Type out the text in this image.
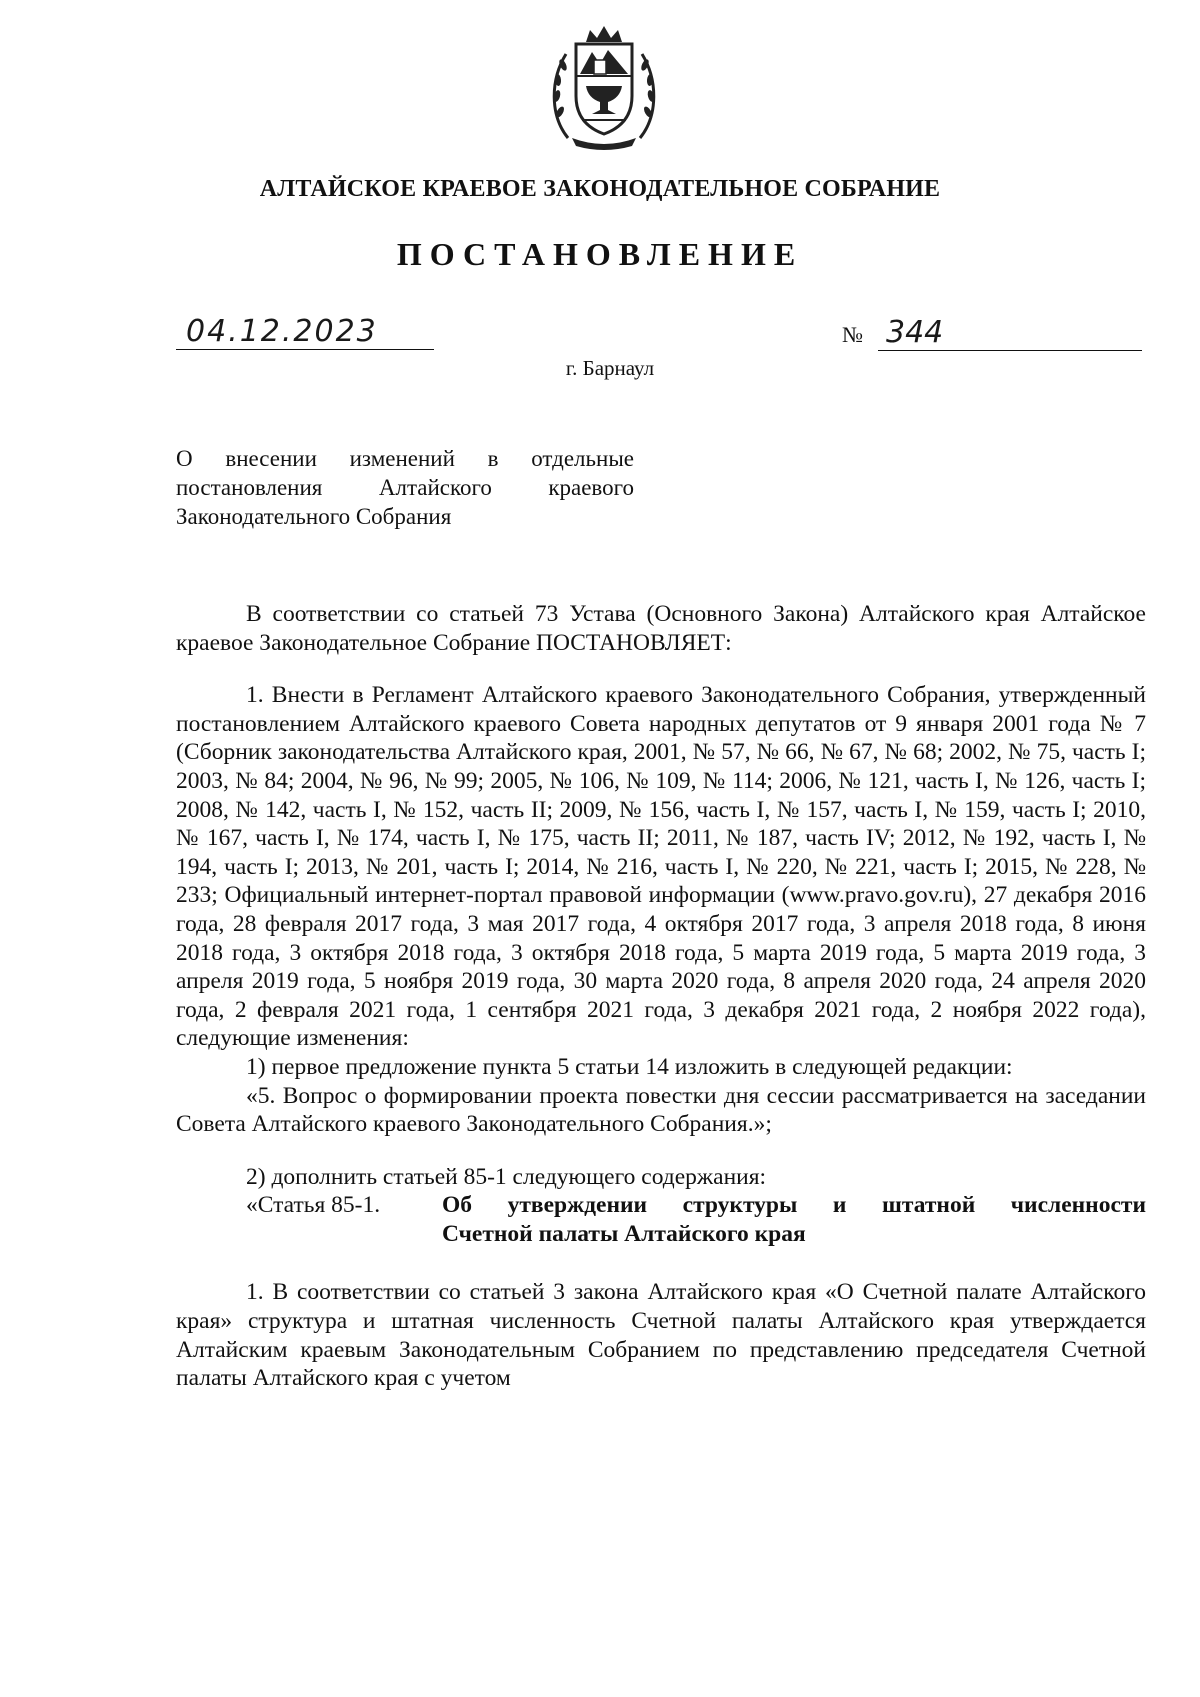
АЛТАЙСКОЕ КРАЕВОЕ ЗАКОНОДАТЕЛЬНОЕ СОБРАНИЕ
ПОСТАНОВЛЕНИЕ
04.12.2023	№ 344
г. Барнаул
О внесении изменений в отдельные
постановления Алтайского краевого
Законодательного Собрания

В соответствии со статьей 73 Устава (Основного Закона) Алтайского края Алтайское краевое Законодательное Собрание ПОСТАНОВЛЯЕТ:

1. Внести в Регламент Алтайского краевого Законодательного Собрания, утвержденный постановлением Алтайского краевого Совета народных депутатов от 9 января 2001 года № 7 (Сборник законодательства Алтайского края, 2001, № 57, № 66, № 67, № 68; 2002, № 75, часть I; 2003, № 84; 2004, № 96, № 99; 2005, № 106, № 109, № 114; 2006, № 121, часть I, № 126, часть I; 2008, № 142, часть I, № 152, часть II; 2009, № 156, часть I, № 157, часть I, № 159, часть I; 2010, № 167, часть I, № 174, часть I, № 175, часть II; 2011, № 187, часть IV; 2012, № 192, часть I, № 194, часть I; 2013, № 201, часть I; 2014, № 216, часть I, № 220, № 221, часть I; 2015, № 228, № 233; Официальный интернет-портал правовой информации (www.pravo.gov.ru), 27 декабря 2016 года, 28 февраля 2017 года, 3 мая 2017 года, 4 октября 2017 года, 3 апреля 2018 года, 8 июня 2018 года, 3 октября 2018 года, 3 октября 2018 года, 5 марта 2019 года, 5 марта 2019 года, 3 апреля 2019 года, 5 ноября 2019 года, 30 марта 2020 года, 8 апреля 2020 года, 24 апреля 2020 года, 2 февраля 2021 года, 1 сентября 2021 года, 3 декабря 2021 года, 2 ноября 2022 года), следующие изменения:

1) первое предложение пункта 5 статьи 14 изложить в следующей редакции:

«5. Вопрос о формировании проекта повестки дня сессии рассматривается на заседании Совета Алтайского краевого Законодательного Собрания.»;

2) дополнить статьей 85-1 следующего содержания:

«Статья 85-1.	Об утверждении структуры и штатной численности
Счетной палаты Алтайского края

1. В соответствии со статьей 3 закона Алтайского края «О Счетной палате Алтайского края» структура и штатная численность Счетной палаты Алтайского края утверждается Алтайским краевым Законодательным Собранием по представлению председателя Счетной палаты Алтайского края с учетом
